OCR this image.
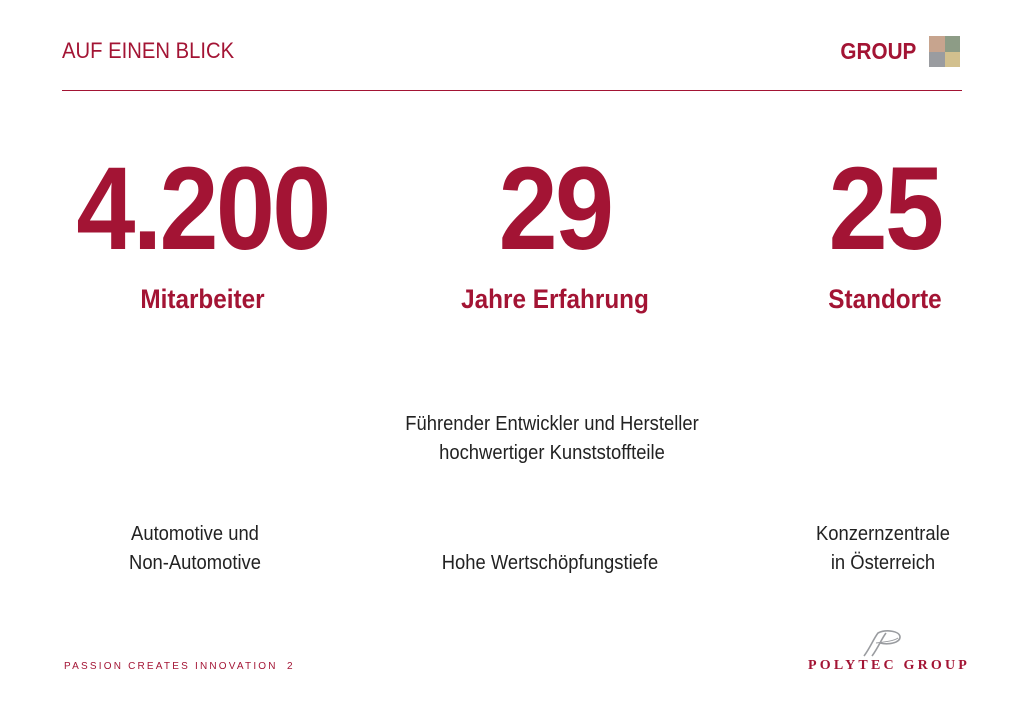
AUF EINEN BLICK	GROUP
4.200
Mitarbeiter
29
Jahre Erfahrung
25
Standorte
Führender Entwickler und Hersteller
hochwertiger Kunststoffteile
Automotive und
Non-Automotive	Hohe Wertschöpfungstiefe
Konzernzentrale
in Österreich
PASSION CREATES INNOVATION 2	POLYTEC GROUP
